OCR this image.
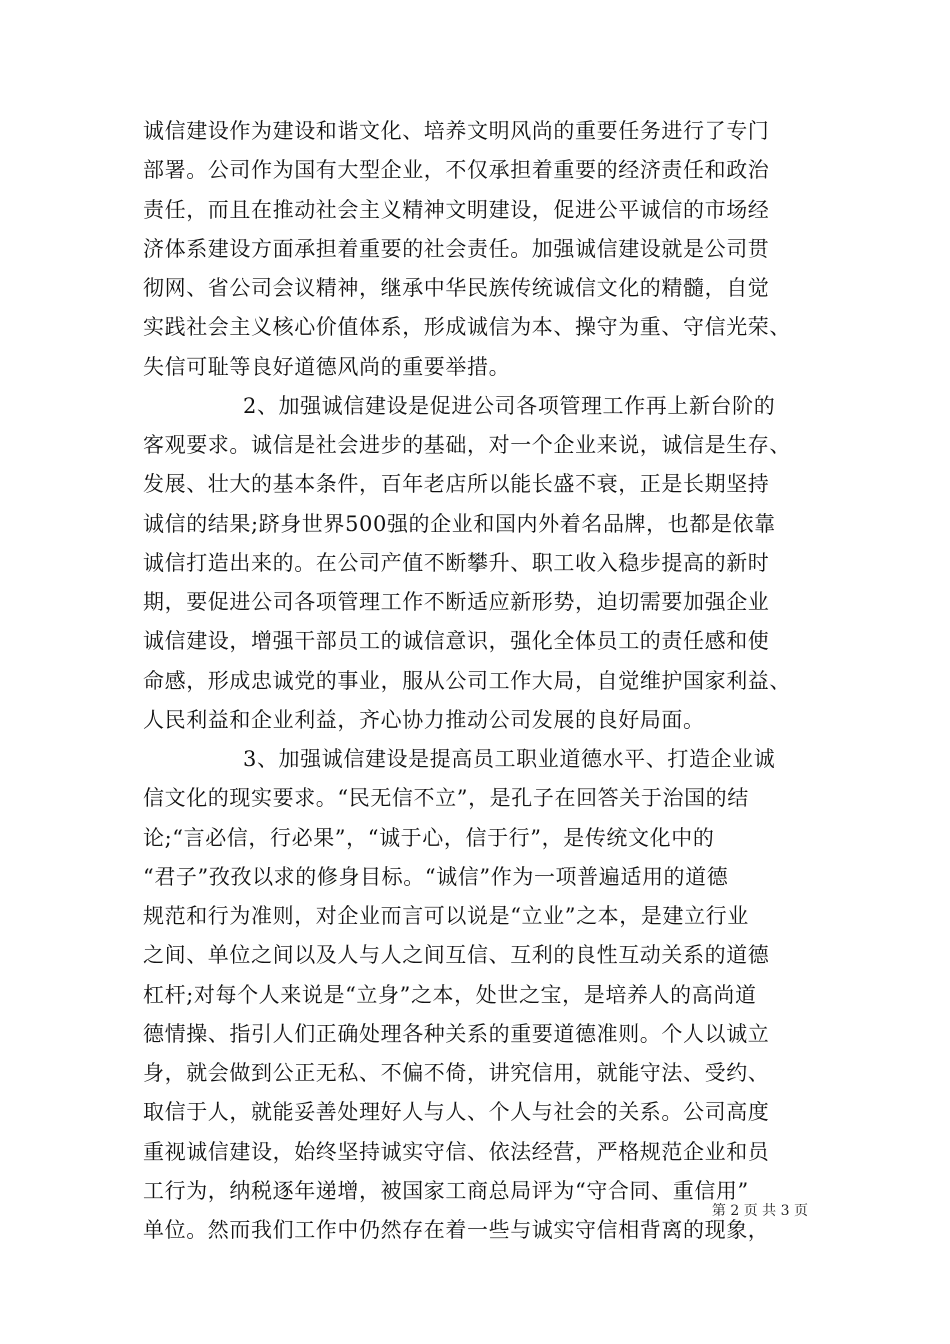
诚信建设作为建设和谐文化、培养文明风尚的重要任务进行了专门
部署。公司作为国有大型企业，不仅承担着重要的经济责任和政治
责任，而且在推动社会主义精神文明建设，促进公平诚信的市场经
济体系建设方面承担着重要的社会责任。加强诚信建设就是公司贯
彻网、省公司会议精神，继承中华民族传统诚信文化的精髓，自觉
实践社会主义核心价值体系，形成诚信为本、操守为重、守信光荣、
失信可耻等良好道德风尚的重要举措。
2、加强诚信建设是促进公司各项管理工作再上新台阶的
客观要求。诚信是社会进步的基础，对一个企业来说，诚信是生存、
发展、壮大的基本条件，百年老店所以能长盛不衰，正是长期坚持
诚信的结果;跻身世界500强的企业和国内外着名品牌，也都是依靠
诚信打造出来的。在公司产值不断攀升、职工收入稳步提高的新时
期，要促进公司各项管理工作不断适应新形势，迫切需要加强企业
诚信建设，增强干部员工的诚信意识，强化全体员工的责任感和使
命感，形成忠诚党的事业，服从公司工作大局，自觉维护国家利益、
人民利益和企业利益，齐心协力推动公司发展的良好局面。
3、加强诚信建设是提高员工职业道德水平、打造企业诚
信文化的现实要求。“民无信不立”，是孔子在回答关于治国的结
论;“言必信，行必果”，“诚于心，信于行”，是传统文化中的
“君子”孜孜以求的修身目标。“诚信”作为一项普遍适用的道德
规范和行为准则，对企业而言可以说是“立业”之本，是建立行业
之间、单位之间以及人与人之间互信、互利的良性互动关系的道德
杠杆;对每个人来说是“立身”之本，处世之宝，是培养人的高尚道
德情操、指引人们正确处理各种关系的重要道德准则。个人以诚立
身，就会做到公正无私、不偏不倚，讲究信用，就能守法、受约、
取信于人，就能妥善处理好人与人、个人与社会的关系。公司高度
重视诚信建设，始终坚持诚实守信、依法经营，严格规范企业和员
工行为，纳税逐年递增，被国家工商总局评为“守合同、重信用”
单位。然而我们工作中仍然存在着一些与诚实守信相背离的现象，
第 2 页 共 3 页
